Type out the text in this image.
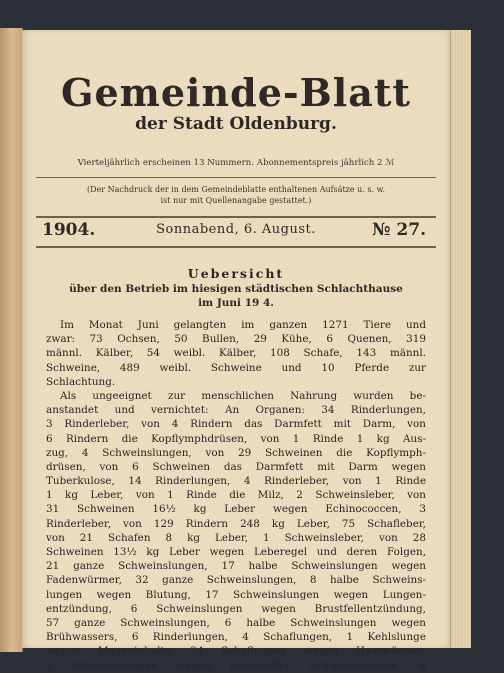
Gemeinde-Blatt
der Stadt Oldenburg.
Vierteljährlich erscheinen 13 Nummern. Abonnementspreis jährlich 2 ℳ
(Der Nachdruck der in dem Gemeindeblatte enthaltenen Aufsätze u. s. w.
ist nur mit Quellenangabe gestattet.)
1904.	Sonnabend, 6. August.	№ 27.
Uebersicht
über den Betrieb im hiesigen städtischen Schlachthause
im Juni 19 4.
Im Monat Juni gelangten im ganzen 1271 Tiere und
zwar: 73 Ochsen, 50 Bullen, 29 Kühe, 6 Quenen, 319
männl. Kälber, 54 weibl. Kälber, 108 Schafe, 143 männl.
Schweine, 489 weibl. Schweine und 10 Pferde zur
Schlachtung.
Als ungeeignet zur menschlichen Nahrung wurden be-
anstandet und vernichtet: An Organen: 34 Rinderlungen,
3 Rinderleber, von 4 Rindern das Darmfett mit Darm, von
6 Rindern die Kopflymphdrüsen, von 1 Rinde 1 kg Aus-
zug, 4 Schweinslungen, von 29 Schweinen die Kopflymph-
drüsen, von 6 Schweinen das Darmfett mit Darm wegen
Tuberkulose, 14 Rinderlungen, 4 Rinderleber, von 1 Rinde
1 kg Leber, von 1 Rinde die Milz, 2 Schweinsleber, von
31 Schweinen 16½ kg Leber wegen Echinococcen, 3
Rinderleber, von 129 Rindern 248 kg Leber, 75 Schafleber,
von 21 Schafen 8 kg Leber, 1 Schweinsleber, von 28
Schweinen 13½ kg Leber wegen Leberegel und deren Folgen,
21 ganze Schweinslungen, 17 halbe Schweinslungen wegen
Fadenwürmer, 32 ganze Schweinslungen, 8 halbe Schweins-
lungen wegen Blutung, 17 Schweinslungen wegen Lungen-
entzündung, 6 Schweinslungen wegen Brustfellentzündung,
57 ganze Schweinslungen, 6 halbe Schweinslungen wegen
Brühwassers, 6 Rinderlungen, 4 Schaflungen, 1 Kehlslunge
wegen Mageninhalts, 24 Schaflungen wegen Haarwürmer,
4 Schweinslungen wegen abgeheilter Schweineseuche, 6
